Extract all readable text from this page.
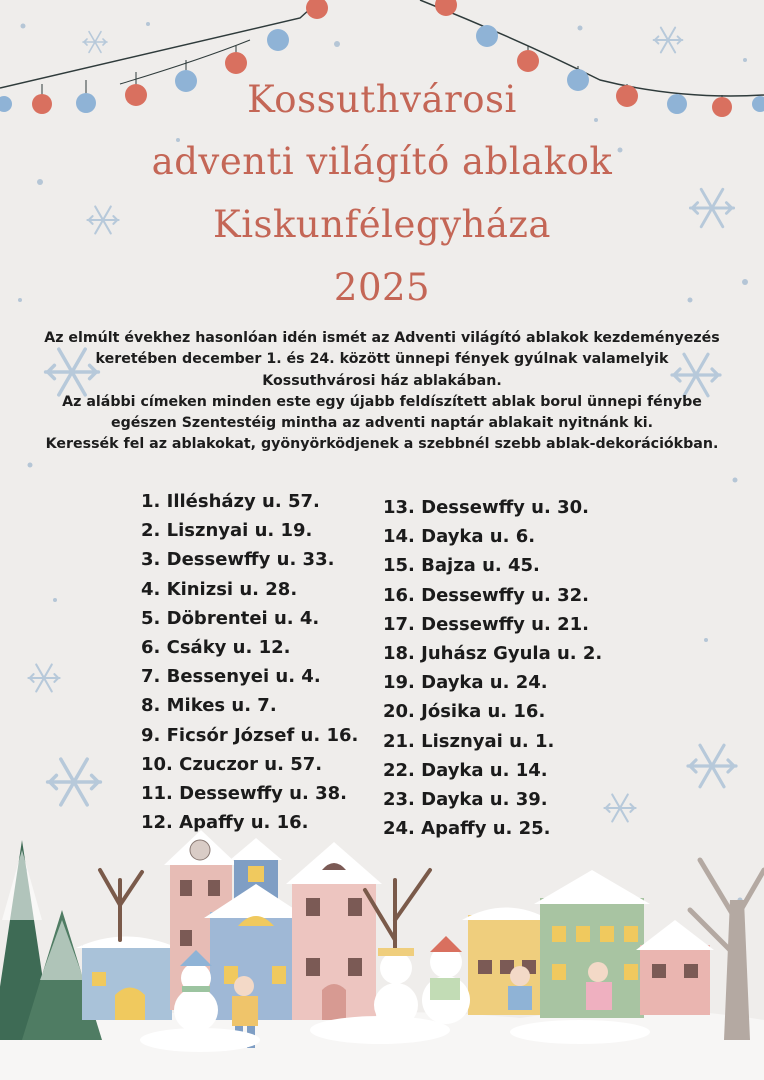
Kossuthvárosi
adventi világító ablakok
Kiskunfélegyháza
2025

Az elmúlt évekhez hasonlóan idén ismét az Adventi világító ablakok kezdeményezés

keretében december 1. és 24. között ünnepi fények gyúlnak valamelyik

Kossuthvárosi ház ablakában.

Az alábbi címeken minden este egy újabb feldíszített ablak borul ünnepi fénybe

egészen Szentestéig mintha az adventi naptár ablakait nyitnánk ki.

Keressék fel az ablakokat, gyönyörködjenek a szebbnél szebb ablak-dekorációkban.

1. Illésházy u. 57.
2. Lisznyai u. 19.
3. Dessewffy u. 33.
4. Kinizsi u. 28.
5. Döbrentei u. 4.
6. Csáky u. 12.
7. Bessenyei u. 4.
8. Mikes u. 7.
9. Ficsór József u. 16.
10. Czuczor u. 57.
11. Dessewffy u. 38.
12. Apaffy u. 16.
13. Dessewffy u. 30.
14. Dayka u. 6.
15. Bajza u. 45.
16. Dessewffy u. 32.
17. Dessewffy u. 21.
18. Juhász Gyula u. 2.
19. Dayka u. 24.
20. Jósika u. 16.
21. Lisznyai u. 1.
22. Dayka u. 14.
23. Dayka u. 39.
24. Apaffy u. 25.
